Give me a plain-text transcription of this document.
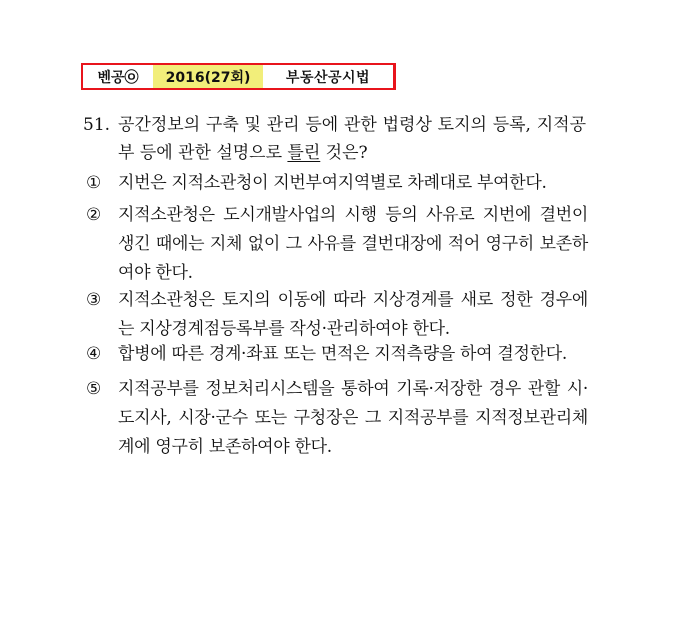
벤공㉧	2016(27회)	부동산공시법
51. 공간정보의 구축 및 관리 등에 관한 법령상 토지의 등록, 지적공부 등에 관한 설명으로 틀린 것은?
① 지번은 지적소관청이 지번부여지역별로 차례대로 부여한다.
② 지적소관청은 도시개발사업의 시행 등의 사유로 지번에 결번이 생긴 때에는 지체 없이 그 사유를 결번대장에 적어 영구히 보존하여야 한다.
③ 지적소관청은 토지의 이동에 따라 지상경계를 새로 정한 경우에는 지상경계점등록부를 작성·관리하여야 한다.
④ 합병에 따른 경계·좌표 또는 면적은 지적측량을 하여 결정한다.
⑤ 지적공부를 정보처리시스템을 통하여 기록·저장한 경우 관할 시·도지사, 시장·군수 또는 구청장은 그 지적공부를 지적정보관리체계에 영구히 보존하여야 한다.
